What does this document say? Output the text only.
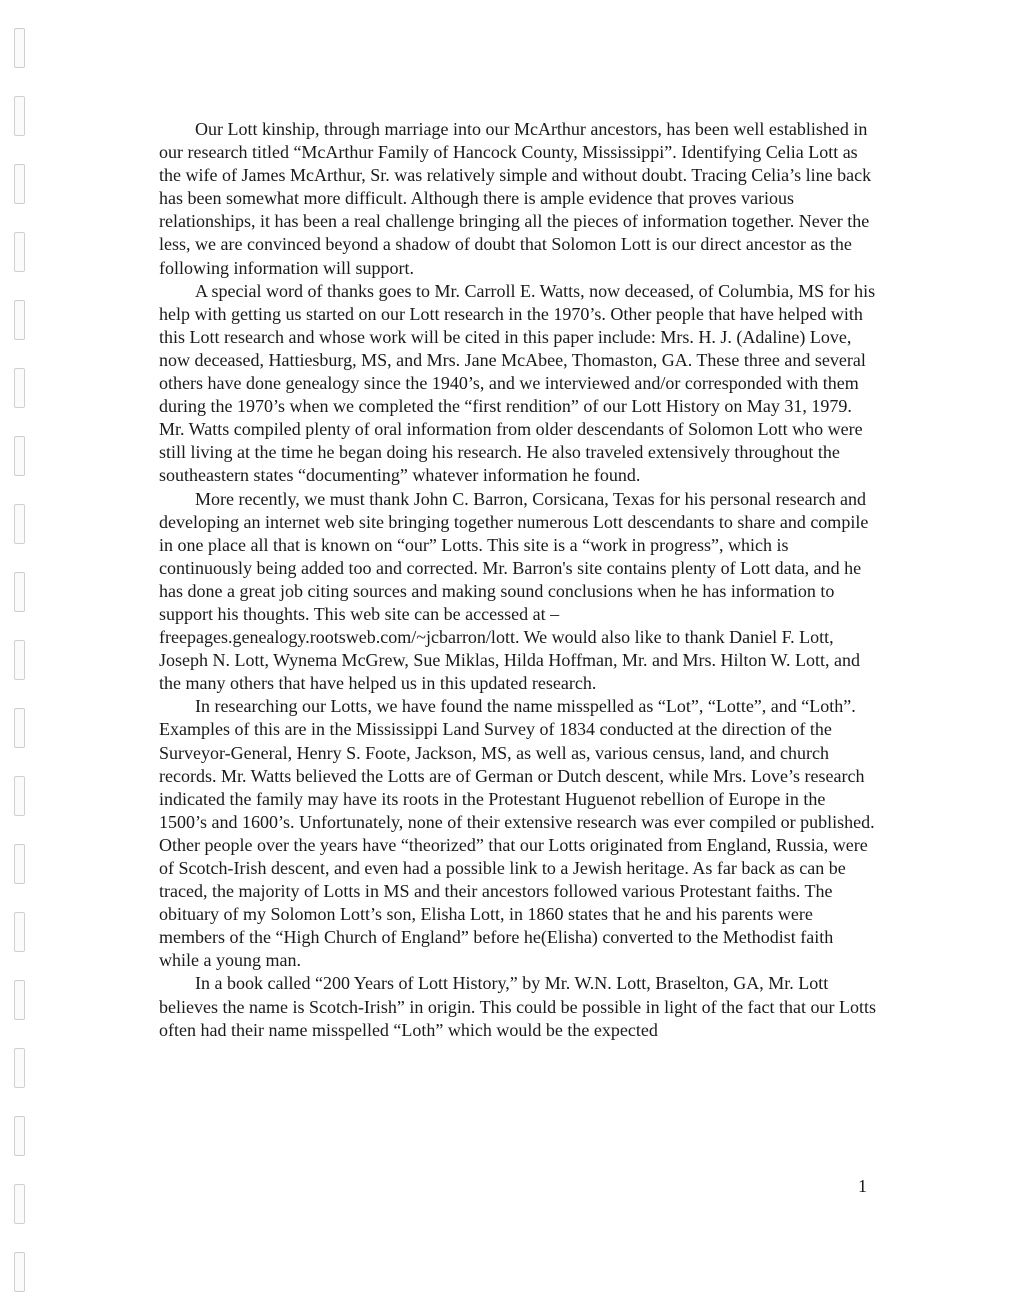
Our Lott kinship, through marriage into our McArthur ancestors, has been well established in our research titled “McArthur Family of Hancock County, Mississippi”. Identifying Celia Lott as the wife of James McArthur, Sr. was relatively simple and without doubt. Tracing Celia’s line back has been somewhat more difficult. Although there is ample evidence that proves various relationships, it has been a real challenge bringing all the pieces of information together. Never the less, we are convinced beyond a shadow of doubt that Solomon Lott is our direct ancestor as the following information will support.

A special word of thanks goes to Mr. Carroll E. Watts, now deceased, of Columbia, MS for his help with getting us started on our Lott research in the 1970’s. Other people that have helped with this Lott research and whose work will be cited in this paper include: Mrs. H. J. (Adaline) Love, now deceased, Hattiesburg, MS, and Mrs. Jane McAbee, Thomaston, GA. These three and several others have done genealogy since the 1940’s, and we interviewed and/or corresponded with them during the 1970’s when we completed the “first rendition” of our Lott History on May 31, 1979. Mr. Watts compiled plenty of oral information from older descendants of Solomon Lott who were still living at the time he began doing his research. He also traveled extensively throughout the southeastern states “documenting” whatever information he found.

More recently, we must thank John C. Barron, Corsicana, Texas for his personal research and developing an internet web site bringing together numerous Lott descendants to share and compile in one place all that is known on “our” Lotts. This site is a “work in progress”, which is continuously being added too and corrected. Mr. Barron's site contains plenty of Lott data, and he has done a great job citing sources and making sound conclusions when he has information to support his thoughts. This web site can be accessed at – freepages.genealogy.rootsweb.com/~jcbarron/lott. We would also like to thank Daniel F. Lott, Joseph N. Lott, Wynema McGrew, Sue Miklas, Hilda Hoffman, Mr. and Mrs. Hilton W. Lott, and the many others that have helped us in this updated research.

In researching our Lotts, we have found the name misspelled as “Lot”, “Lotte”, and “Loth”. Examples of this are in the Mississippi Land Survey of 1834 conducted at the direction of the Surveyor-General, Henry S. Foote, Jackson, MS, as well as, various census, land, and church records. Mr. Watts believed the Lotts are of German or Dutch descent, while Mrs. Love’s research indicated the family may have its roots in the Protestant Huguenot rebellion of Europe in the 1500’s and 1600’s. Unfortunately, none of their extensive research was ever compiled or published. Other people over the years have “theorized” that our Lotts originated from England, Russia, were of Scotch-Irish descent, and even had a possible link to a Jewish heritage. As far back as can be traced, the majority of Lotts in MS and their ancestors followed various Protestant faiths. The obituary of my Solomon Lott’s son, Elisha Lott, in 1860 states that he and his parents were members of the “High Church of England” before he(Elisha) converted to the Methodist faith while a young man.

In a book called “200 Years of Lott History,” by Mr. W.N. Lott, Braselton, GA, Mr. Lott believes the name is Scotch-Irish” in origin. This could be possible in light of the fact that our Lotts often had their name misspelled “Loth” which would be the expected

1
